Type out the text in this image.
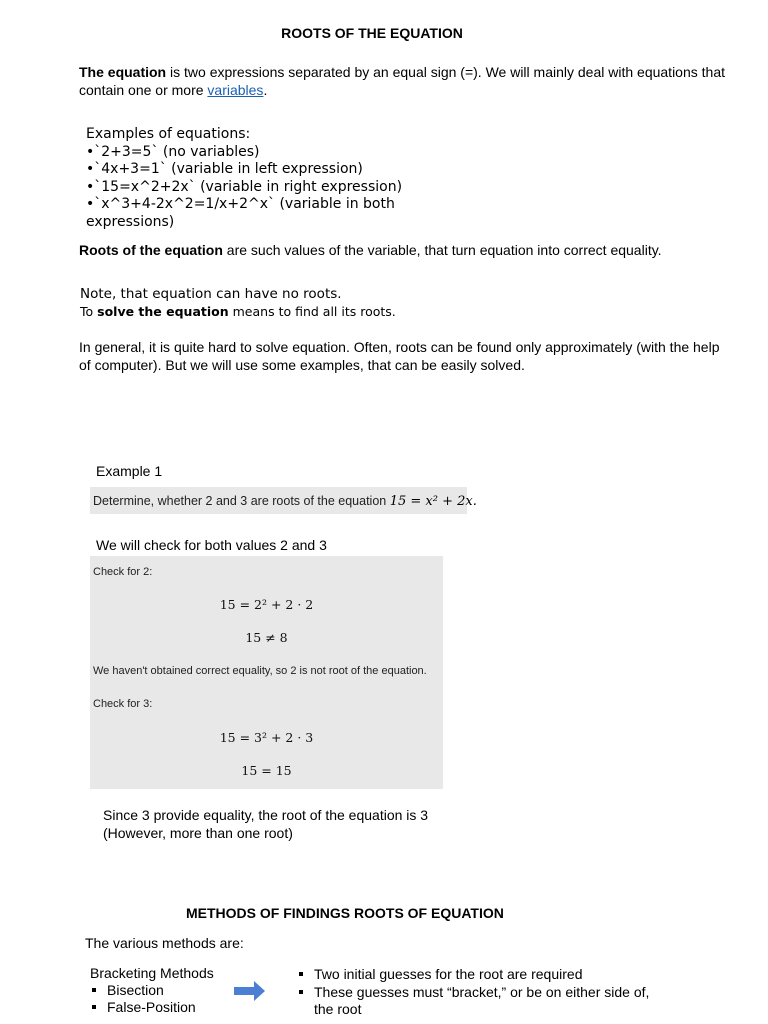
ROOTS OF THE EQUATION
The equation is two expressions separated by an equal sign (=). We will mainly deal with equations that contain one or more variables.
Examples of equations:
•`2+3=5` (no variables)
•`4x+3=1` (variable in left expression)
•`15=x^2+2x` (variable in right expression)
•`x^3+4-2x^2=1/x+2^x` (variable in both expressions)
Roots of the equation are such values of the variable, that turn equation into correct equality.
Note, that equation can have no roots.
To solve the equation means to find all its roots.
In general, it is quite hard to solve equation. Often, roots can be found only approximately (with the help of computer). But we will use some examples, that can be easily solved.
Example 1
Determine, whether 2 and 3 are roots of the equation 15 = x² + 2x.
We will check for both values 2 and 3
Check for 2:
15 = 2² + 2 · 2
15 ≠ 8
We haven't obtained correct equality, so 2 is not root of the equation.
Check for 3:
15 = 3² + 2 · 3
15 = 15
Since 3 provide equality, the root of the equation is 3
(However, more than one root)
METHODS OF FINDINGS ROOTS OF EQUATION
The various methods are:
Bracketing Methods
Bisection
False-Position
Two initial guesses for the root are required
These guesses must “bracket,” or be on either side of, the root
